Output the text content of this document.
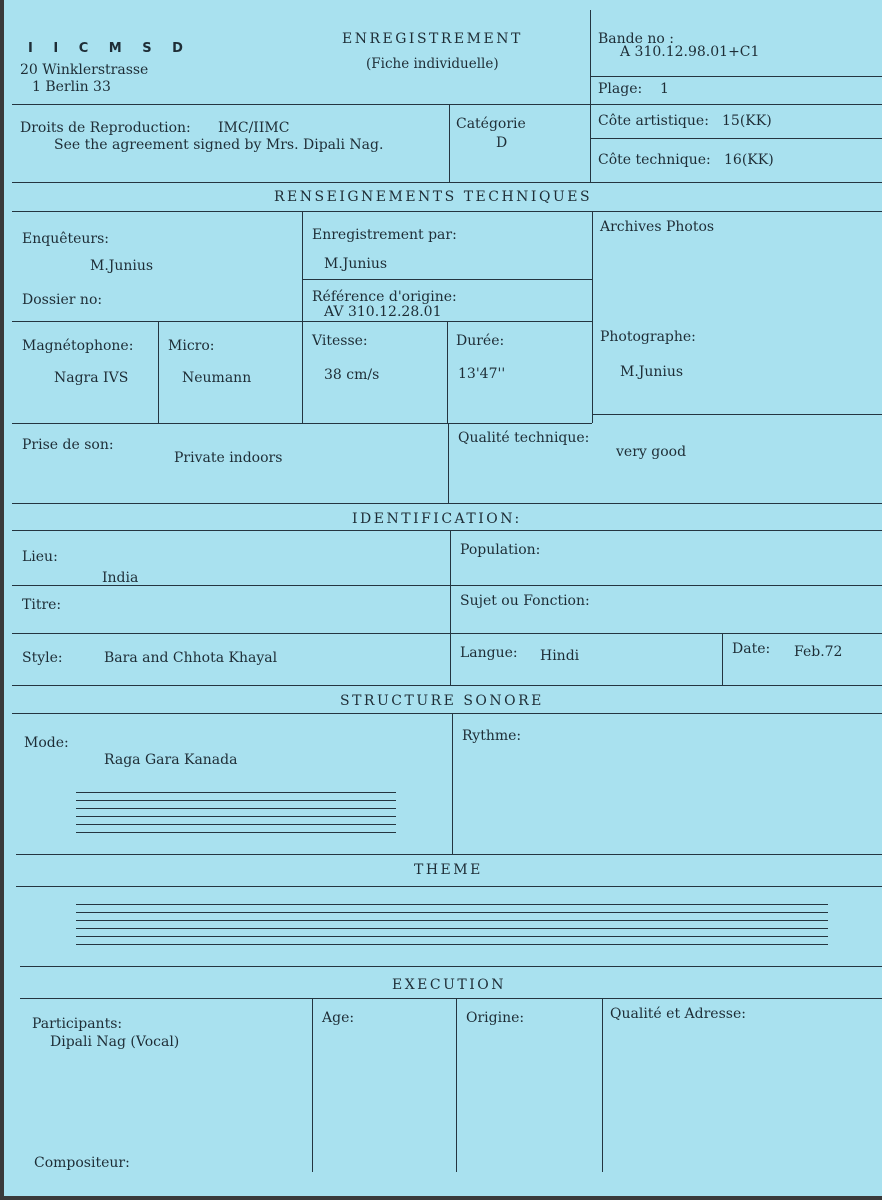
I I C M S D
20 Winklerstrasse
1 Berlin 33
ENREGISTREMENT
(Fiche individuelle)
Bande no :
A 310.12.98.01+C1
Plage: 1
Droits de Reproduction: IMC/IIMC
See the agreement signed by Mrs. Dipali Nag.
Catégorie
D
Côte artistique: 15(KK)
Côte technique: 16(KK)
RENSEIGNEMENTS TECHNIQUES
Enquêteurs:
M.Junius
Dossier no:
Enregistrement par:
M.Junius
Référence d'origine:
AV 310.12.28.01
Archives Photos
Magnétophone:
Nagra IVS
Micro:
Neumann
Vitesse:
38 cm/s
Durée:
13'47''
Photographe:
M.Junius
Prise de son:
Private indoors
Qualité technique:
very good
IDENTIFICATION:
Lieu:
India
Population:
Titre:	Sujet ou Fonction:
Style:	Bara and Chhota Khayal	Langue: Hindi	Date: Feb.72
STRUCTURE SONORE
Mode:
Raga Gara Kanada
Rythme:
THEME
EXECUTION
Participants:
Dipali Nag (Vocal)
Age:	Origine:	Qualité et Adresse:
Compositeur:
